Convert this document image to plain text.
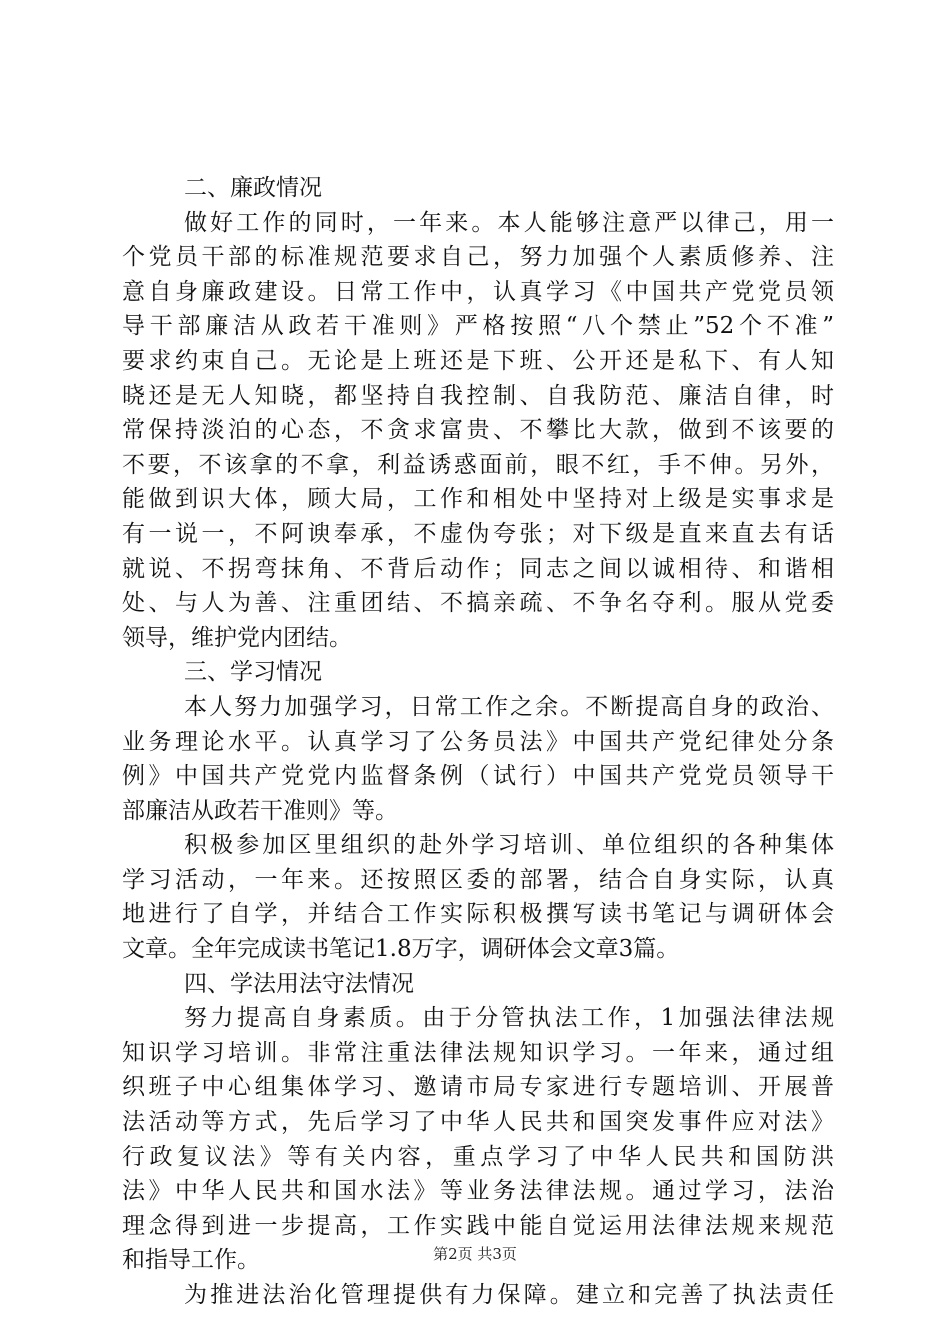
二、廉政情况
做好工作的同时，一年来。本人能够注意严以律己，用一
个党员干部的标准规范要求自己，努力加强个人素质修养、注
意自身廉政建设。日常工作中，认真学习《中国共产党党员领
导干部廉洁从政若干准则》严格按照“八个禁止”52个不准”
要求约束自己。无论是上班还是下班、公开还是私下、有人知
晓还是无人知晓，都坚持自我控制、自我防范、廉洁自律，时
常保持淡泊的心态，不贪求富贵、不攀比大款，做到不该要的
不要，不该拿的不拿，利益诱惑面前，眼不红，手不伸。另外，
能做到识大体，顾大局，工作和相处中坚持对上级是实事求是
有一说一，不阿谀奉承，不虚伪夸张；对下级是直来直去有话
就说、不拐弯抹角、不背后动作；同志之间以诚相待、和谐相
处、与人为善、注重团结、不搞亲疏、不争名夺利。服从党委
领导，维护党内团结。
三、学习情况
本人努力加强学习，日常工作之余。不断提高自身的政治、
业务理论水平。认真学习了公务员法》中国共产党纪律处分条
例》中国共产党党内监督条例（试行）中国共产党党员领导干
部廉洁从政若干准则》等。
积极参加区里组织的赴外学习培训、单位组织的各种集体
学习活动，一年来。还按照区委的部署，结合自身实际，认真
地进行了自学，并结合工作实际积极撰写读书笔记与调研体会
文章。全年完成读书笔记1.8万字，调研体会文章3篇。
四、学法用法守法情况
努力提高自身素质。由于分管执法工作，1加强法律法规
知识学习培训。非常注重法律法规知识学习。一年来，通过组
织班子中心组集体学习、邀请市局专家进行专题培训、开展普
法活动等方式，先后学习了中华人民共和国突发事件应对法》
行政复议法》等有关内容，重点学习了中华人民共和国防洪
法》中华人民共和国水法》等业务法律法规。通过学习，法治
理念得到进一步提高，工作实践中能自觉运用法律法规来规范
和指导工作。
为推进法治化管理提供有力保障。建立和完善了执法责任
第2页 共3页
